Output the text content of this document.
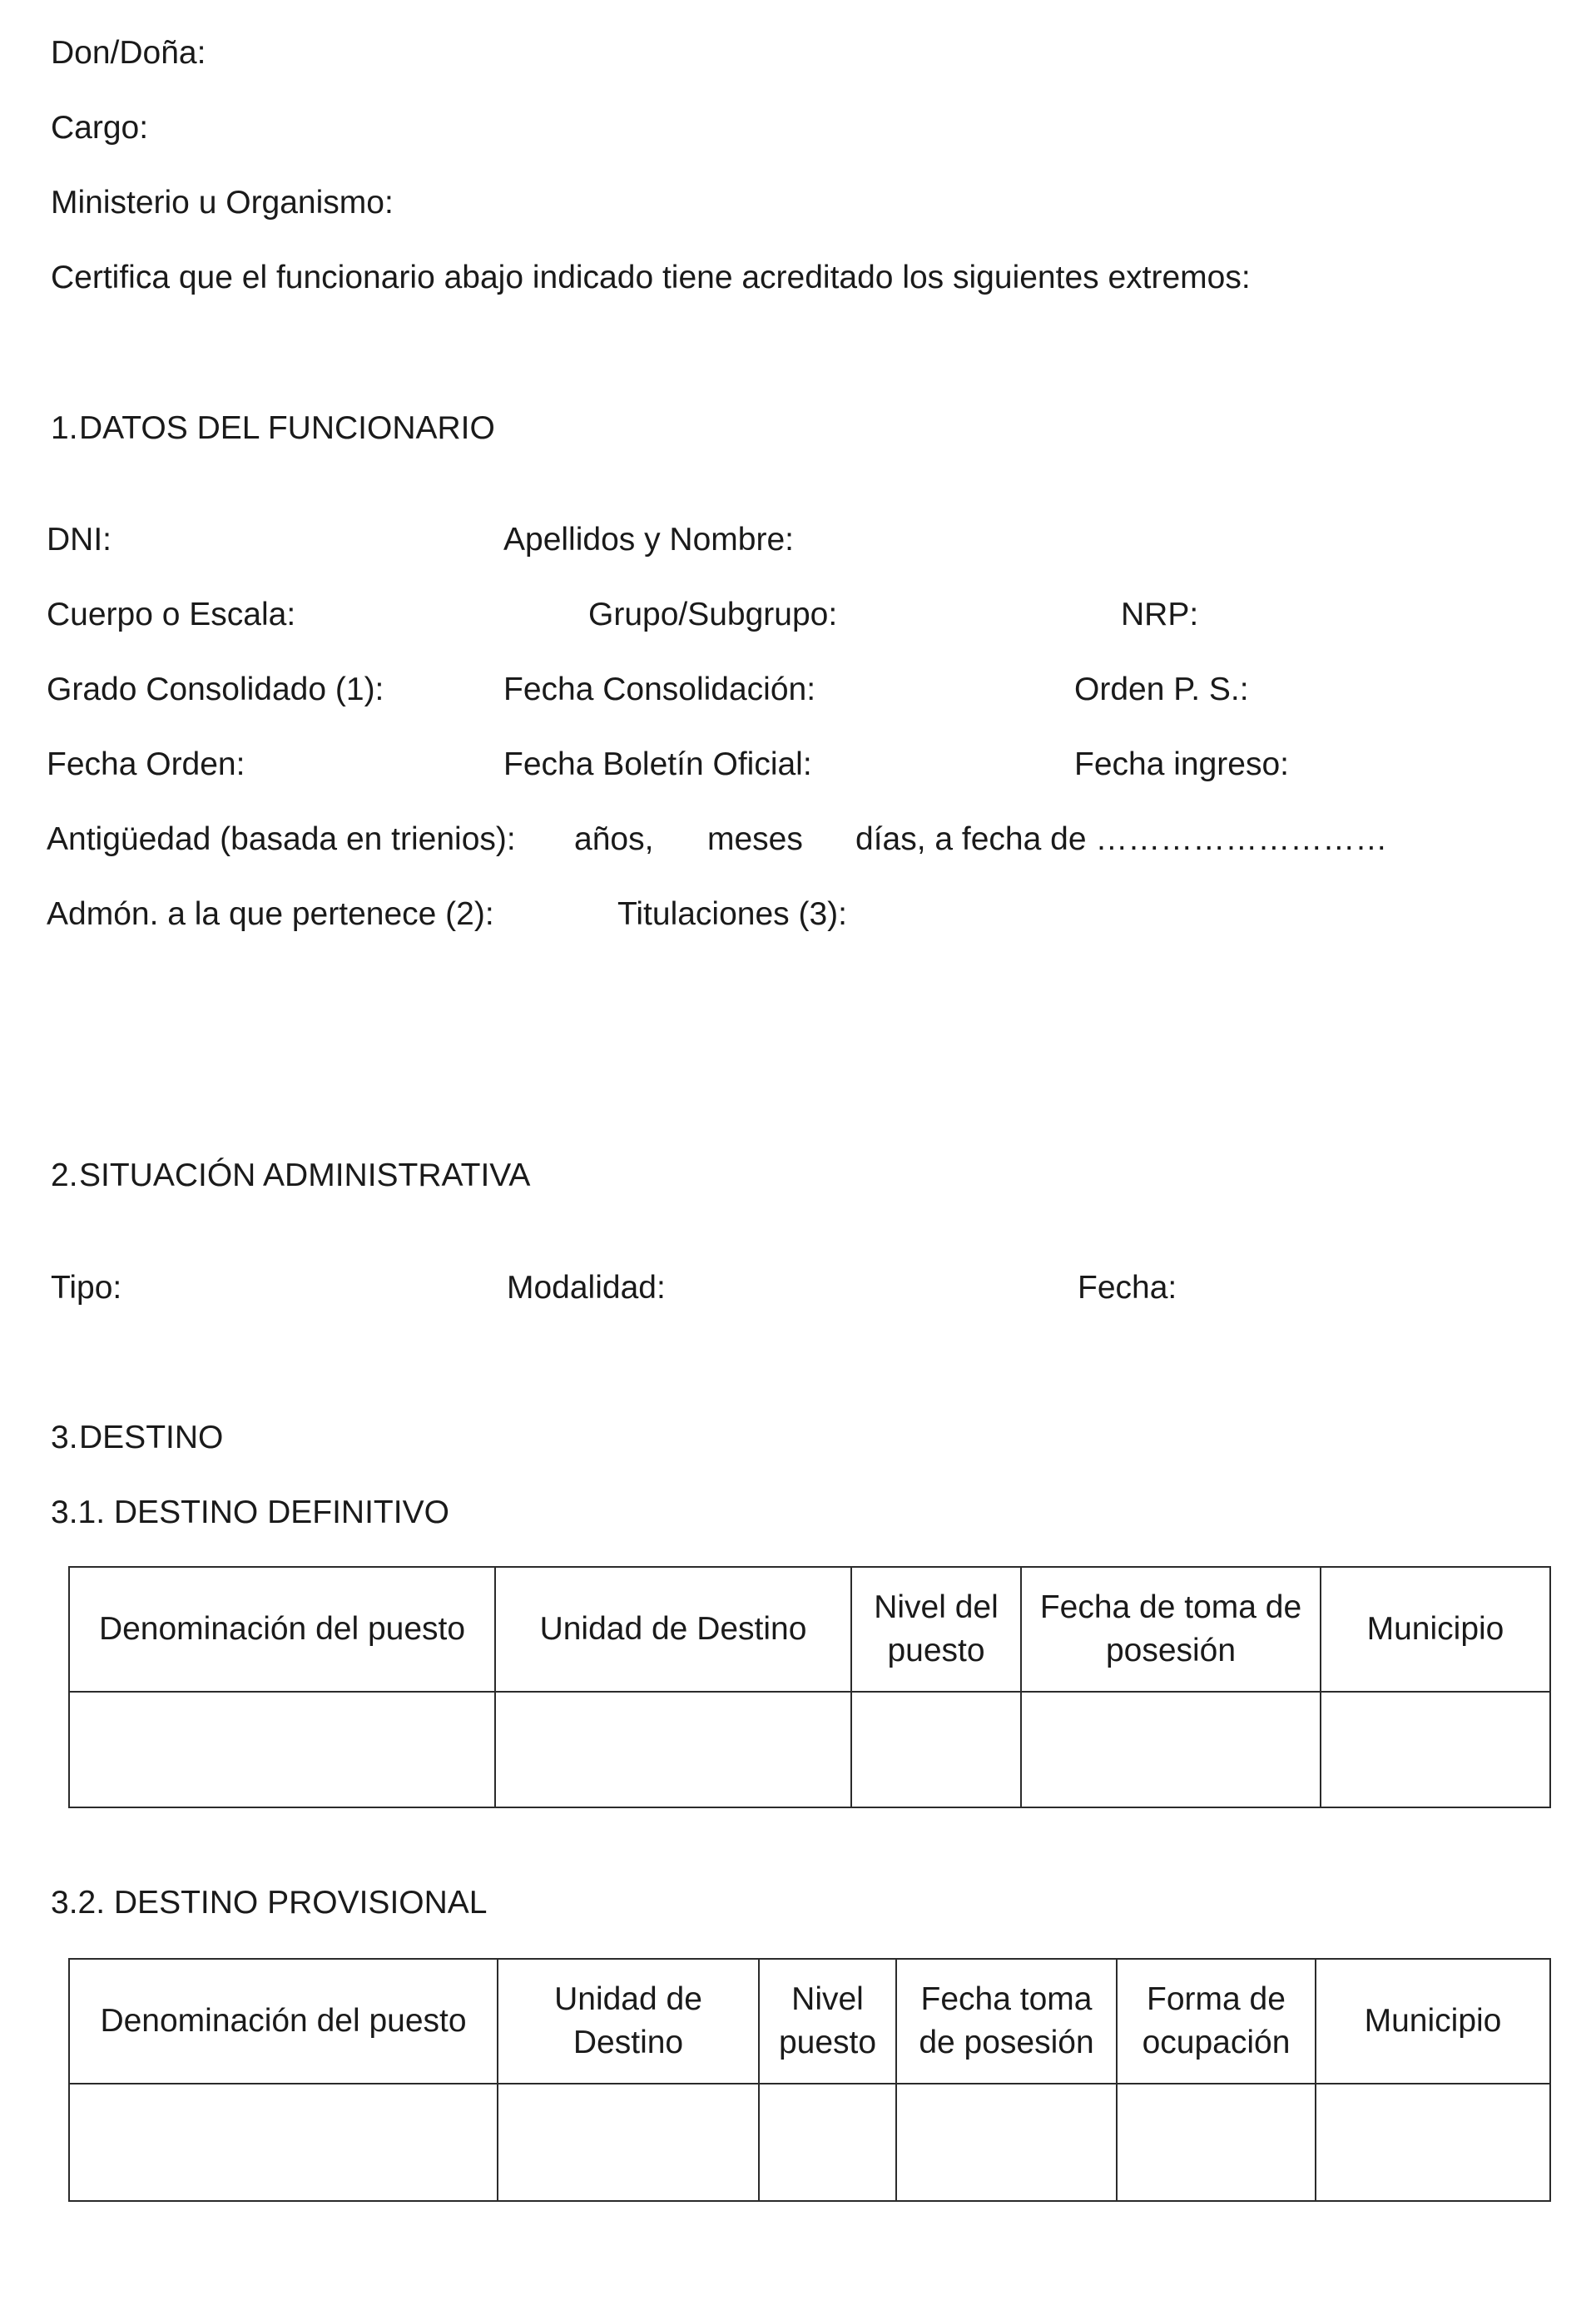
Don/Doña:
Cargo:
Ministerio u Organismo:
Certifica que el funcionario abajo indicado tiene acreditado los siguientes extremos:
1. DATOS DEL FUNCIONARIO
DNI:	Apellidos y Nombre:
Cuerpo o Escala:	Grupo/Subgrupo:	NRP:
Grado Consolidado (1):	Fecha Consolidación:	Orden P. S.:
Fecha Orden:	Fecha Boletín Oficial:	Fecha ingreso:
Antigüedad (basada en trienios): años, meses días, a fecha de ………………………
Admón. a la que pertenece (2):	Titulaciones (3):
2. SITUACIÓN ADMINISTRATIVA
Tipo:	Modalidad:	Fecha:
3. DESTINO
3.1. DESTINO DEFINITIVO
Denominación del puesto	Unidad de Destino	Nivel del puesto	Fecha de toma de posesión	Municipio

3.2. DESTINO PROVISIONAL
Denominación del puesto	Unidad de Destino	Nivel puesto	Fecha toma de posesión	Forma de ocupación	Municipio
